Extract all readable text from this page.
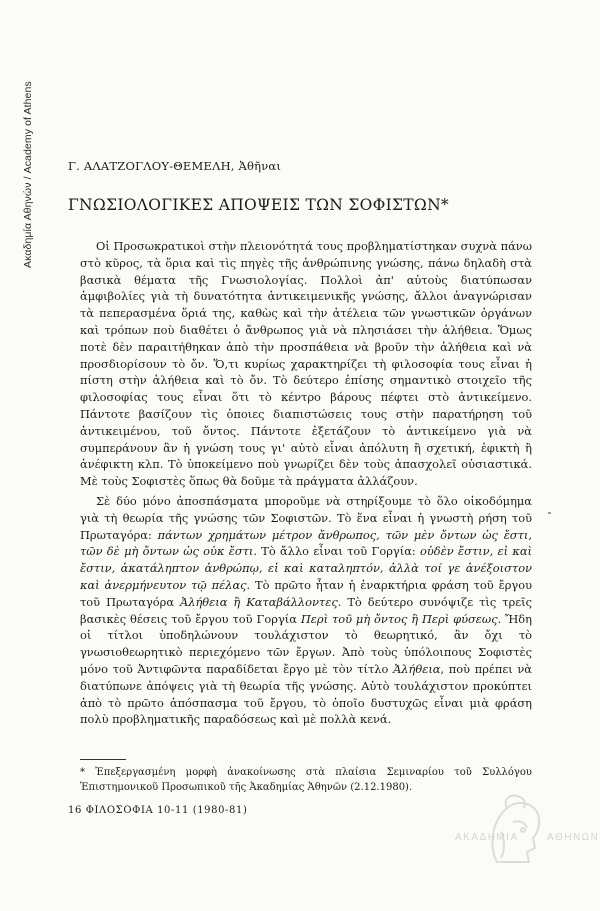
Ακαδημία Αθηνών / Academy of Athens	Γ. ΑΛΑΤΖΟΓΛΟΥ-ΘΕΜΕΛΗ, Ἀθῆναι
ΓΝΩΣΙΟΛΟΓΙΚΕΣ ΑΠΟΨΕΙΣ ΤΩΝ ΣΟΦΙΣΤΩΝ*

Οἱ Προσωκρατικοὶ στὴν πλειονότητά τους προβληματίστηκαν συχνὰ πάνω στὸ κῦρος, τὰ ὅρια καὶ τὶς πηγὲς τῆς ἀνθρώπινης γνώσης, πάνω δηλαδὴ στὰ βασικὰ θέματα τῆς Γνωσιολογίας. Πολλοὶ ἀπ' αὐτοὺς διατύπωσαν ἀμφιβολίες γιὰ τὴ δυνατότητα ἀντικειμενικῆς γνώσης, ἄλλοι ἀναγνώρισαν τὰ πεπερασμένα ὅριά της, καθὼς καὶ τὴν ἀτέλεια τῶν γνωστικῶν ὀργάνων καὶ τρόπων ποὺ διαθέτει ὁ ἄνθρωπος γιὰ νὰ πλησιάσει τὴν ἀλήθεια. Ὅμως ποτὲ δὲν παραιτήθηκαν ἀπὸ τὴν προσπάθεια νὰ βροῦν τὴν ἀλήθεια καὶ νὰ προσδιορίσουν τὸ ὄν. Ὅ,τι κυρίως χαρακτηρίζει τὴ φιλοσοφία τους εἶναι ἡ πίστη στὴν ἀλήθεια καὶ τὸ ὄν. Τὸ δεύτερο ἐπίσης σημαντικὸ στοιχεῖο τῆς φιλοσοφίας τους εἶναι ὅτι τὸ κέντρο βάρους πέφτει στὸ ἀντικείμενο. Πάντοτε βασίζουν τὶς ὁποιες διαπιστώσεις τους στὴν παρατήρηση τοῦ ἀντικειμένου, τοῦ ὄντος. Πάντοτε ἐξετάζουν τὸ ἀντικείμενο γιὰ νὰ συμπεράνουν ἂν ἡ γνώση τους γι' αὐτὸ εἶναι ἀπόλυτη ἢ σχετική, ἐφικτὴ ἢ ἀνέφικτη κλπ. Τὸ ὑποκείμενο ποὺ γνωρίζει δὲν τοὺς ἀπασχολεῖ οὐσιαστικά. Μὲ τοὺς Σοφιστὲς ὅπως θὰ δοῦμε τὰ πράγματα ἀλλάζουν.

Σὲ δύο μόνο ἀποσπάσματα μποροῦμε νὰ στηρίξουμε τὸ ὅλο οἰκοδόμημα γιὰ τὴ θεωρία τῆς γνώσης τῶν Σοφιστῶν. Τὸ ἕνα εἶναι ἡ γνωστὴ ρήση τοῦ Πρωταγόρα: πάντων χρημάτων μέτρον ἄνθρωπος, τῶν μὲν ὄντων ὡς ἔστι, τῶν δὲ μὴ ὄντων ὡς οὐκ ἔστι. Τὸ ἄλλο εἶναι τοῦ Γοργία: οὐδὲν ἔστιν, εἰ καὶ ἔστιν, ἀκατάληπτον ἀνθρώπῳ, εἰ καὶ καταληπτόν, ἀλλὰ τοί γε ἀνέξοιστον καὶ ἀνερμήνευτον τῷ πέλας. Τὸ πρῶτο ἦταν ἡ ἐναρκτήρια φράση τοῦ ἔργου τοῦ Πρωταγόρα Ἀλήθεια ἢ Καταβάλλοντες. Τὸ δεύτερο συνόψιζε τὶς τρεῖς βασικὲς θέσεις τοῦ ἔργου τοῦ Γοργία Περὶ τοῦ μὴ ὄντος ἢ Περὶ φύσεως. Ἤδη οἱ τίτλοι ὑποδηλώνουν τουλάχιστον τὸ θεωρητικό, ἂν ὄχι τὸ γνωσιοθεωρητικὸ περιεχόμενο τῶν ἔργων. Ἀπὸ τοὺς ὑπόλοιπους Σοφιστὲς μόνο τοῦ Ἀντιφῶντα παραδίδεται ἔργο μὲ τὸν τίτλο Ἀλήθεια, ποὺ πρέπει νὰ διατύπωνε ἀπόψεις γιὰ τὴ θεωρία τῆς γνώσης. Αὐτὸ τουλάχιστον προκύπτει ἀπὸ τὸ πρῶτο ἀπόσπασμα τοῦ ἔργου, τὸ ὁποῖο δυστυχῶς εἶναι μιὰ φράση πολὺ προβληματικῆς παραδόσεως καὶ μὲ πολλὰ κενά.

* Ἐπεξεργασμένη μορφὴ ἀνακοίνωσης στὰ πλαίσια Σεμιναρίου τοῦ Συλλόγου Ἐπιστημονικοῦ Προσωπικοῦ τῆς Ἀκαδημίας Ἀθηνῶν (2.12.1980).
16 ΦΙΛΟΣΟΦΙΑ 10-11 (1980-81)
ΑΚΑΔΗΜΙΑ	ΑΘΗΝΩΝ
